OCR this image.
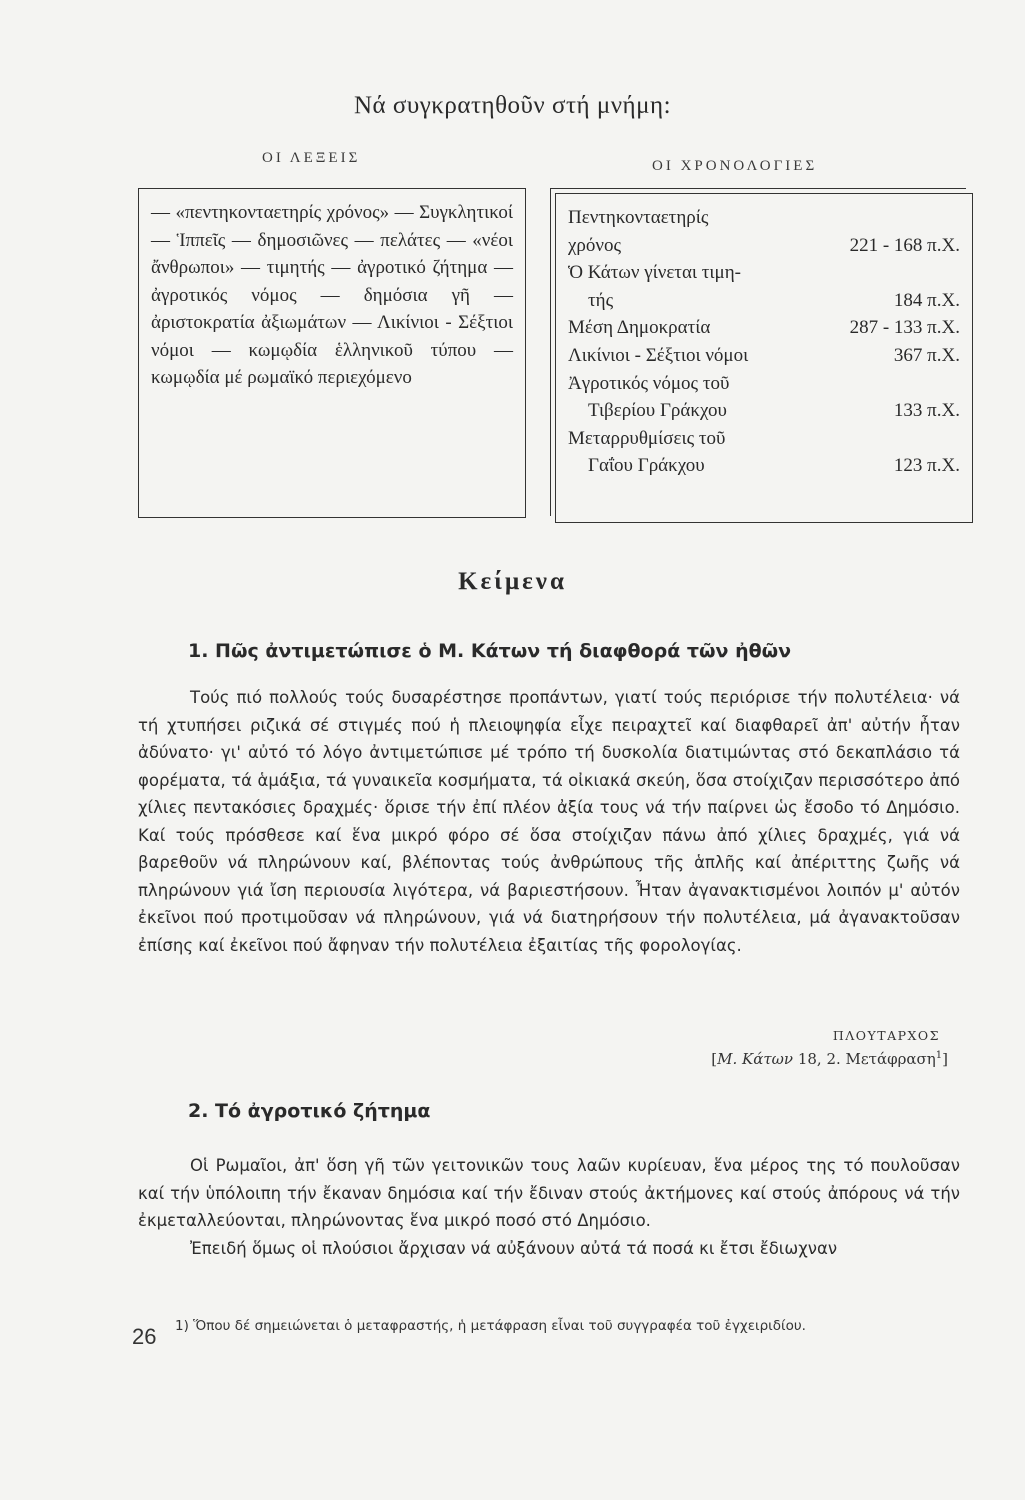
Νά συγκρατηθοῦν στή μνήμη:
ΟΙ ΛΕΞΕΙΣ	ΟΙ ΧΡΟΝΟΛΟΓΙΕΣ

— «πεντηκονταετηρίς χρόνος» — Συγκλητικοί — Ἱππεῖς — δημοσιῶνες — πελάτες — «νέοι ἄνθρωποι» — τιμητής — ἀγροτικό ζήτημα — ἀγροτικός νόμος — δημόσια γῆ — ἀριστοκρατία ἀξιωμάτων — Λικίνιοι - Σέξτιοι νόμοι — κωμῳδία ἑλληνικοῦ τύπου — κωμῳδία μέ ρωμαϊκό περιεχόμενο

Πεντηκονταετηρίς
χρόνος	221 - 168 π.Χ.
Ὁ Κάτων γίνεται τιμη-
τής	184 π.Χ.
Μέση Δημοκρατία	287 - 133 π.Χ.
Λικίνιοι - Σέξτιοι νόμοι	367 π.Χ.
Ἀγροτικός νόμος τοῦ
Τιβερίου Γράκχου	133 π.Χ.
Μεταρρυθμίσεις τοῦ
Γαΐου Γράκχου	123 π.Χ.
Κείμενα
1. Πῶς ἀντιμετώπισε ὁ Μ. Κάτων τή διαφθορά τῶν ἠθῶν

Τούς πιό πολλούς τούς δυσαρέστησε προπάντων, γιατί τούς περιόρισε τήν πολυτέλεια· νά τή χτυπήσει ριζικά σέ στιγμές πού ἡ πλειοψηφία εἶχε πειραχτεῖ καί διαφθαρεῖ ἀπ' αὐτήν ἦταν ἀδύνατο· γι' αὐτό τό λόγο ἀντιμετώπισε μέ τρόπο τή δυσκολία διατιμώντας στό δεκαπλάσιο τά φορέματα, τά ἁμάξια, τά γυναικεῖα κοσμήματα, τά οἰκιακά σκεύη, ὅσα στοίχιζαν περισσότερο ἀπό χίλιες πεντακόσιες δραχμές· ὅρισε τήν ἐπί πλέον ἀξία τους νά τήν παίρνει ὡς ἔσοδο τό Δημόσιο. Καί τούς πρόσθεσε καί ἕνα μικρό φόρο σέ ὅσα στοίχιζαν πάνω ἀπό χίλιες δραχμές, γιά νά βαρεθοῦν νά πληρώνουν καί, βλέποντας τούς ἀνθρώπους τῆς ἁπλῆς καί ἀπέριττης ζωῆς νά πληρώνουν γιά ἴση περιουσία λιγότερα, νά βαριεστήσουν. Ἦταν ἀγανακτισμένοι λοιπόν μ' αὐτόν ἐκεῖνοι πού προτιμοῦσαν νά πληρώνουν, γιά νά διατηρήσουν τήν πολυτέλεια, μά ἀγανακτοῦσαν ἐπίσης καί ἐκεῖνοι πού ἄφηναν τήν πολυτέλεια ἐξαιτίας τῆς φορολογίας.

ΠΛΟΥΤΑΡΧΟΣ
[Μ. Κάτων 18, 2. Μετάφραση$^1$]
2. Τό ἀγροτικό ζήτημα

Οἱ Ρωμαῖοι, ἀπ' ὅση γῆ τῶν γειτονικῶν τους λαῶν κυρίευαν, ἕνα μέρος της τό πουλοῦσαν καί τήν ὑπόλοιπη τήν ἔκαναν δημόσια καί τήν ἔδιναν στούς ἀκτήμονες καί στούς ἀπόρους νά τήν ἐκμεταλλεύονται, πληρώνοντας ἕνα μικρό ποσό στό Δημόσιο.

Ἐπειδή ὅμως οἱ πλούσιοι ἄρχισαν νά αὐξάνουν αὐτά τά ποσά κι ἔτσι ἔδιωχναν

1) Ὅπου δέ σημειώνεται ὁ μεταφραστής, ἡ μετάφραση εἶναι τοῦ συγγραφέα τοῦ ἐγχειριδίου.
26
